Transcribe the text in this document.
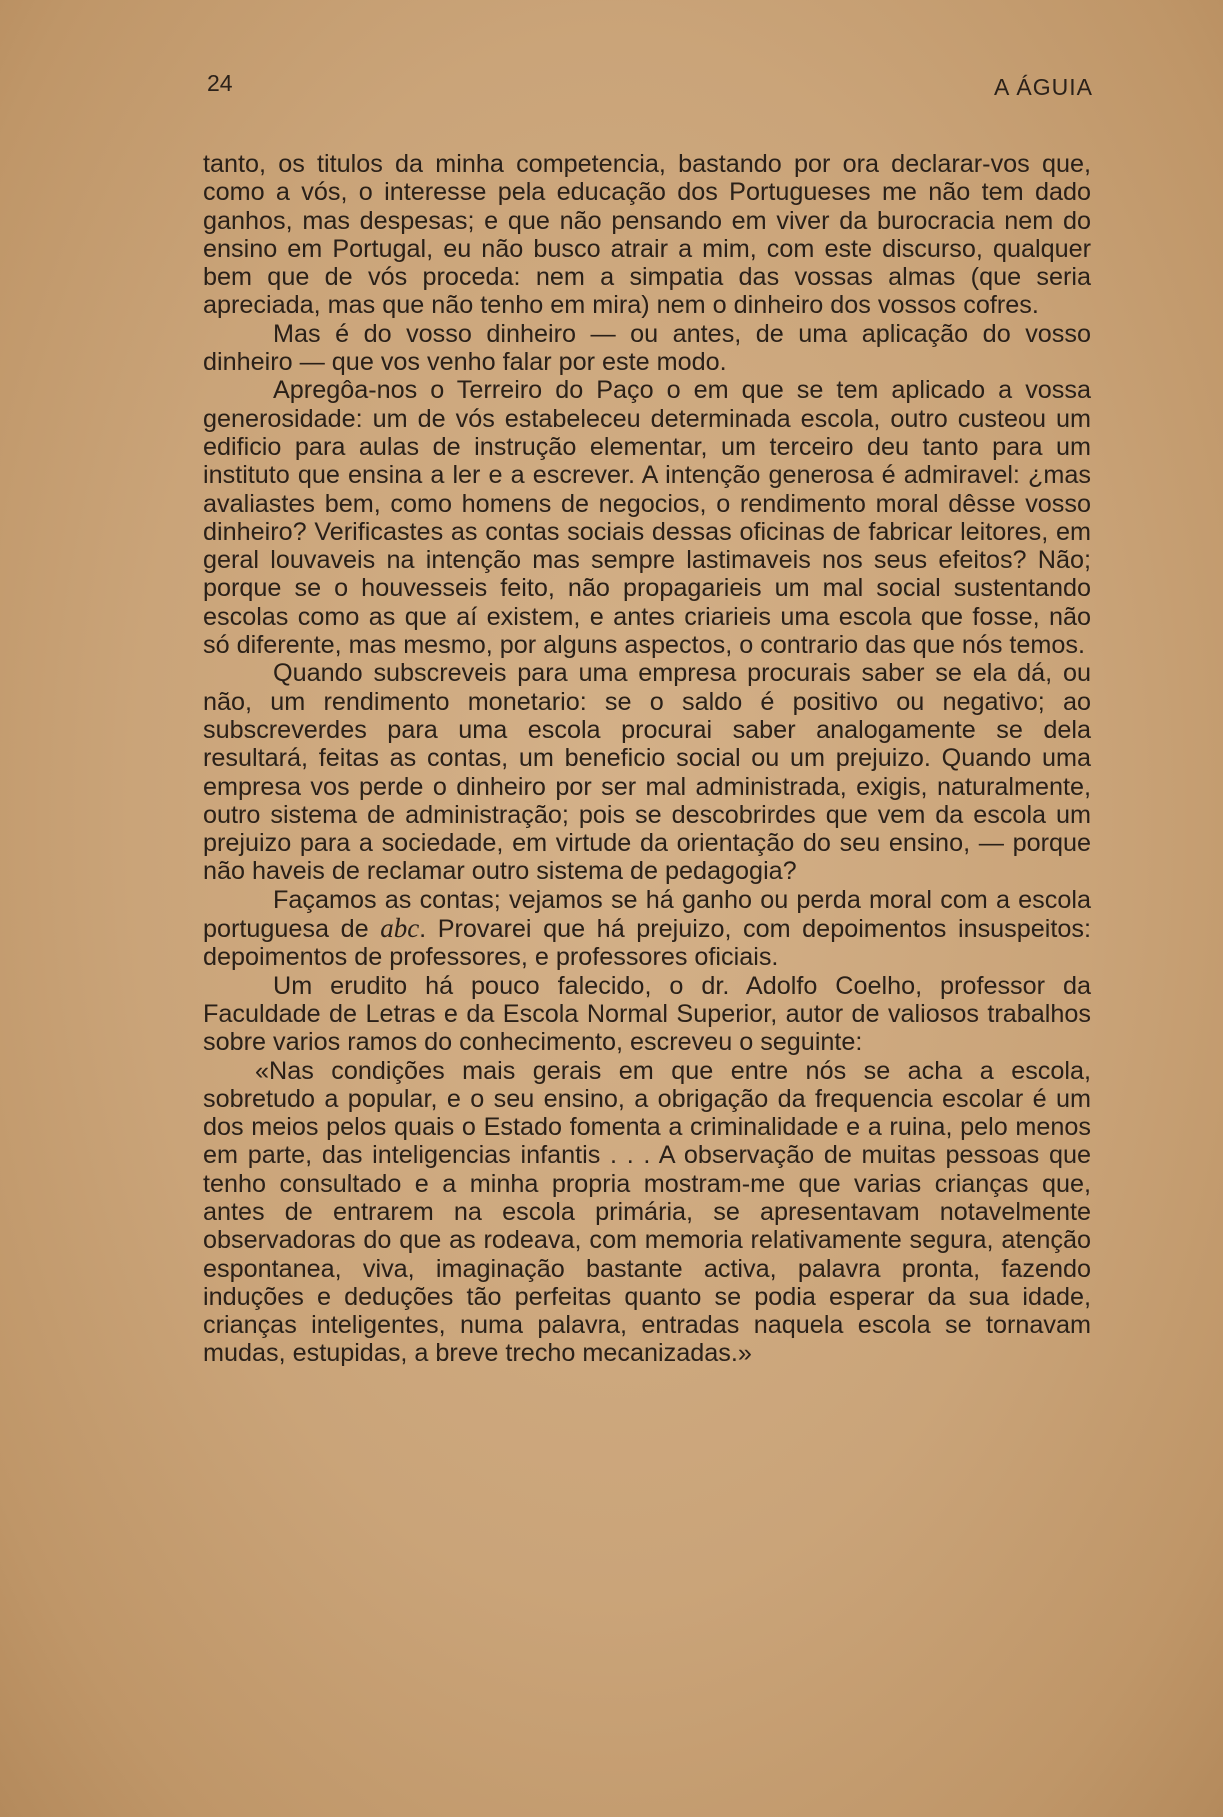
24	A ÁGUIA

tanto, os titulos da minha competencia, bastando por ora declarar-vos que, como a vós, o interesse pela educação dos Portugueses me não tem dado ganhos, mas despesas; e que não pensando em viver da burocracia nem do ensino em Portugal, eu não busco atrair a mim, com este discurso, qualquer bem que de vós proceda: nem a simpatia das vossas almas (que seria apreciada, mas que não tenho em mira) nem o dinheiro dos vossos cofres.

Mas é do vosso dinheiro — ou antes, de uma aplicação do vosso dinheiro — que vos venho falar por este modo.

Apregôa-nos o Terreiro do Paço o em que se tem aplicado a vossa generosidade: um de vós estabeleceu determinada escola, outro custeou um edificio para aulas de instrução elementar, um terceiro deu tanto para um instituto que ensina a ler e a escrever. A intenção generosa é admiravel: ¿mas avaliastes bem, como homens de negocios, o rendimento moral dêsse vosso dinheiro? Verificastes as contas sociais dessas oficinas de fabricar leitores, em geral louvaveis na intenção mas sempre lastimaveis nos seus efeitos? Não; porque se o houvesseis feito, não propagarieis um mal social sustentando escolas como as que aí existem, e antes criarieis uma escola que fosse, não só diferente, mas mesmo, por alguns aspectos, o contrario das que nós temos.

Quando subscreveis para uma empresa procurais saber se ela dá, ou não, um rendimento monetario: se o saldo é positivo ou negativo; ao subscreverdes para uma escola procurai saber analogamente se dela resultará, feitas as contas, um beneficio social ou um prejuizo. Quando uma empresa vos perde o dinheiro por ser mal administrada, exigis, naturalmente, outro sistema de administração; pois se descobrirdes que vem da escola um prejuizo para a sociedade, em virtude da orientação do seu ensino, — porque não haveis de reclamar outro sistema de pedagogia?

Façamos as contas; vejamos se há ganho ou perda moral com a escola portuguesa de abc. Provarei que há prejuizo, com depoimentos insuspeitos: depoimentos de professores, e professores oficiais.

Um erudito há pouco falecido, o dr. Adolfo Coelho, professor da Faculdade de Letras e da Escola Normal Superior, autor de valiosos trabalhos sobre varios ramos do conhecimento, escreveu o seguinte:

«Nas condições mais gerais em que entre nós se acha a escola, sobretudo a popular, e o seu ensino, a obrigação da frequencia escolar é um dos meios pelos quais o Estado fomenta a criminalidade e a ruina, pelo menos em parte, das inteligencias infantis . . . A observação de muitas pessoas que tenho consultado e a minha propria mostram-me que varias crianças que, antes de entrarem na escola primária, se apresentavam notavelmente observadoras do que as rodeava, com memoria relativamente segura, atenção espontanea, viva, imaginação bastante activa, palavra pronta, fazendo induções e deduções tão perfeitas quanto se podia esperar da sua idade, crianças inteligentes, numa palavra, entradas naquela escola se tornavam mudas, estupidas, a breve trecho mecanizadas.»
